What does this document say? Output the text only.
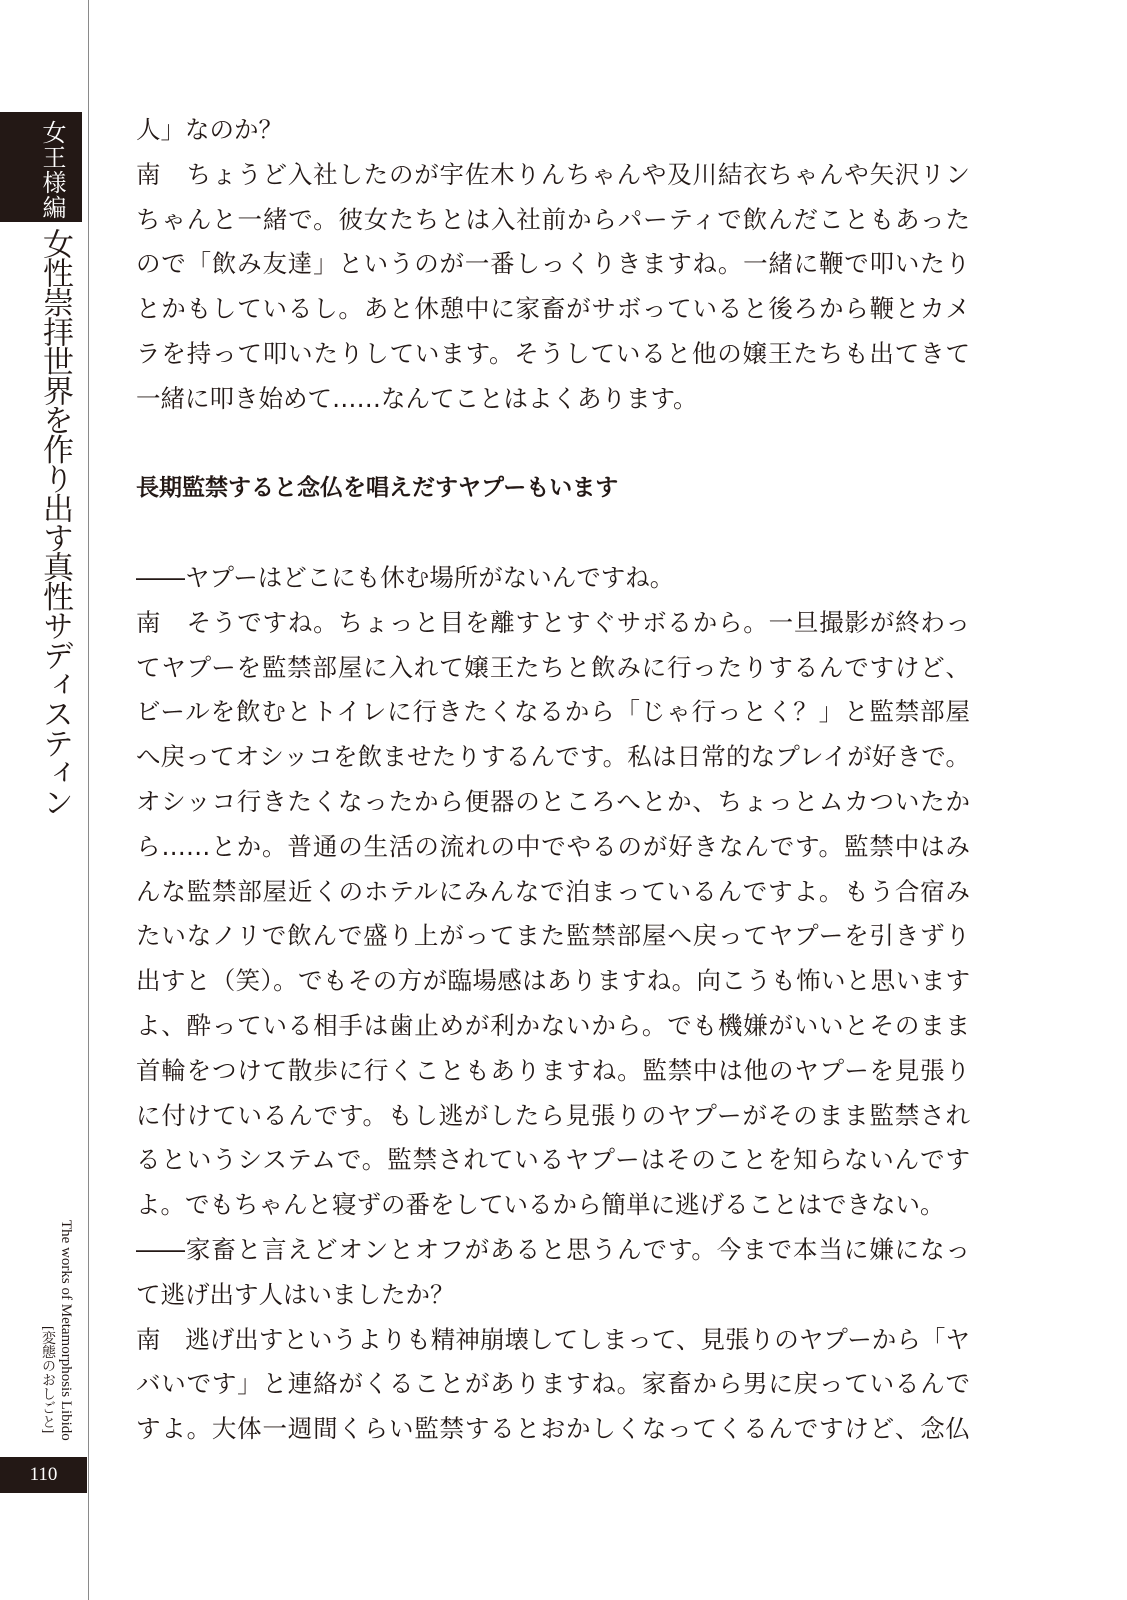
女王様編
女性崇拝世界を作り出す真性サディスティン
The works of Metamorphosis Libido
[変態のおしごと]
110
人」なのか？
南　ちょうど入社したのが宇佐木りんちゃんや及川結衣ちゃんや矢沢リン
ちゃんと一緒で。彼女たちとは入社前からパーティで飲んだこともあった
ので「飲み友達」というのが一番しっくりきますね。一緒に鞭で叩いたり
とかもしているし。あと休憩中に家畜がサボっていると後ろから鞭とカメ
ラを持って叩いたりしています。そうしていると他の嬢王たちも出てきて
一緒に叩き始めて……なんてことはよくあります。
長期監禁すると念仏を唱えだすヤプーもいます
――ヤプーはどこにも休む場所がないんですね。
南　そうですね。ちょっと目を離すとすぐサボるから。一旦撮影が終わっ
てヤプーを監禁部屋に入れて嬢王たちと飲みに行ったりするんですけど、
ビールを飲むとトイレに行きたくなるから「じゃ行っとく？」と監禁部屋
へ戻ってオシッコを飲ませたりするんです。私は日常的なプレイが好きで。
オシッコ行きたくなったから便器のところへとか、ちょっとムカついたか
ら……とか。普通の生活の流れの中でやるのが好きなんです。監禁中はみ
んな監禁部屋近くのホテルにみんなで泊まっているんですよ。もう合宿み
たいなノリで飲んで盛り上がってまた監禁部屋へ戻ってヤプーを引きずり
出すと（笑）。でもその方が臨場感はありますね。向こうも怖いと思います
よ、酔っている相手は歯止めが利かないから。でも機嫌がいいとそのまま
首輪をつけて散歩に行くこともありますね。監禁中は他のヤプーを見張り
に付けているんです。もし逃がしたら見張りのヤプーがそのまま監禁され
るというシステムで。監禁されているヤプーはそのことを知らないんです
よ。でもちゃんと寝ずの番をしているから簡単に逃げることはできない。
――家畜と言えどオンとオフがあると思うんです。今まで本当に嫌になっ
て逃げ出す人はいましたか？
南　逃げ出すというよりも精神崩壊してしまって、見張りのヤプーから「ヤ
バいです」と連絡がくることがありますね。家畜から男に戻っているんで
すよ。大体一週間くらい監禁するとおかしくなってくるんですけど、念仏
